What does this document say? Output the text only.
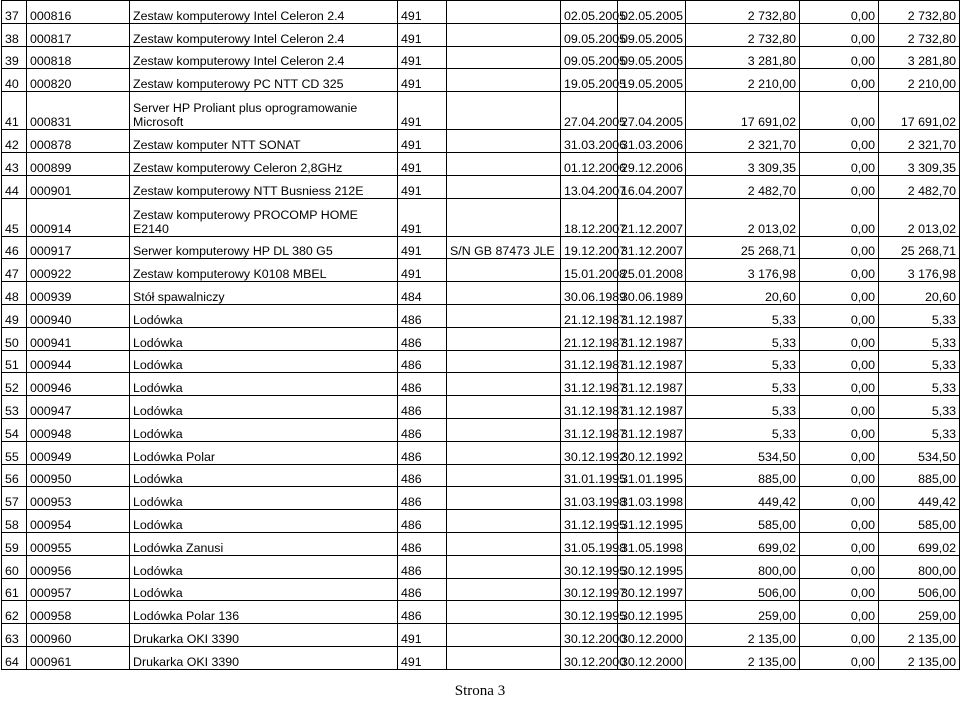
37	000816	Zestaw komputerowy Intel Celeron 2.4	491		02.05.2005	02.05.2005	2 732,80	0,00	2 732,80
38	000817	Zestaw komputerowy Intel Celeron 2.4	491		09.05.2005	09.05.2005	2 732,80	0,00	2 732,80
39	000818	Zestaw komputerowy Intel Celeron 2.4	491		09.05.2005	09.05.2005	3 281,80	0,00	3 281,80
40	000820	Zestaw komputerowy PC NTT CD 325	491		19.05.2005	19.05.2005	2 210,00	0,00	2 210,00
41	000831	Server HP Proliant plus oprogramowanie Microsoft	491		27.04.2005	27.04.2005	17 691,02	0,00	17 691,02
42	000878	Zestaw komputer NTT SONAT	491		31.03.2006	31.03.2006	2 321,70	0,00	2 321,70
43	000899	Zestaw komputerowy Celeron 2,8GHz	491		01.12.2006	29.12.2006	3 309,35	0,00	3 309,35
44	000901	Zestaw komputerowy NTT Busniess 212E	491		13.04.2007	16.04.2007	2 482,70	0,00	2 482,70
45	000914	Zestaw komputerowy PROCOMP HOME E2140	491		18.12.2007	21.12.2007	2 013,02	0,00	2 013,02
46	000917	Serwer komputerowy HP DL 380 G5	491	S/N GB 87473 JLE	19.12.2007	31.12.2007	25 268,71	0,00	25 268,71
47	000922	Zestaw komputerowy K0108 MBEL	491		15.01.2008	25.01.2008	3 176,98	0,00	3 176,98
48	000939	Stół spawalniczy	484		30.06.1989	30.06.1989	20,60	0,00	20,60
49	000940	Lodówka	486		21.12.1987	31.12.1987	5,33	0,00	5,33
50	000941	Lodówka	486		21.12.1987	31.12.1987	5,33	0,00	5,33
51	000944	Lodówka	486		31.12.1987	31.12.1987	5,33	0,00	5,33
52	000946	Lodówka	486		31.12.1987	31.12.1987	5,33	0,00	5,33
53	000947	Lodówka	486		31.12.1987	31.12.1987	5,33	0,00	5,33
54	000948	Lodówka	486		31.12.1987	31.12.1987	5,33	0,00	5,33
55	000949	Lodówka Polar	486		30.12.1992	30.12.1992	534,50	0,00	534,50
56	000950	Lodówka	486		31.01.1995	31.01.1995	885,00	0,00	885,00
57	000953	Lodówka	486		31.03.1998	31.03.1998	449,42	0,00	449,42
58	000954	Lodówka	486		31.12.1995	31.12.1995	585,00	0,00	585,00
59	000955	Lodówka Zanusi	486		31.05.1998	31.05.1998	699,02	0,00	699,02
60	000956	Lodówka	486		30.12.1995	30.12.1995	800,00	0,00	800,00
61	000957	Lodówka	486		30.12.1997	30.12.1997	506,00	0,00	506,00
62	000958	Lodówka Polar 136	486		30.12.1995	30.12.1995	259,00	0,00	259,00
63	000960	Drukarka OKI 3390	491		30.12.2000	30.12.2000	2 135,00	0,00	2 135,00
64	000961	Drukarka OKI 3390	491		30.12.2000	30.12.2000	2 135,00	0,00	2 135,00
Strona 3
